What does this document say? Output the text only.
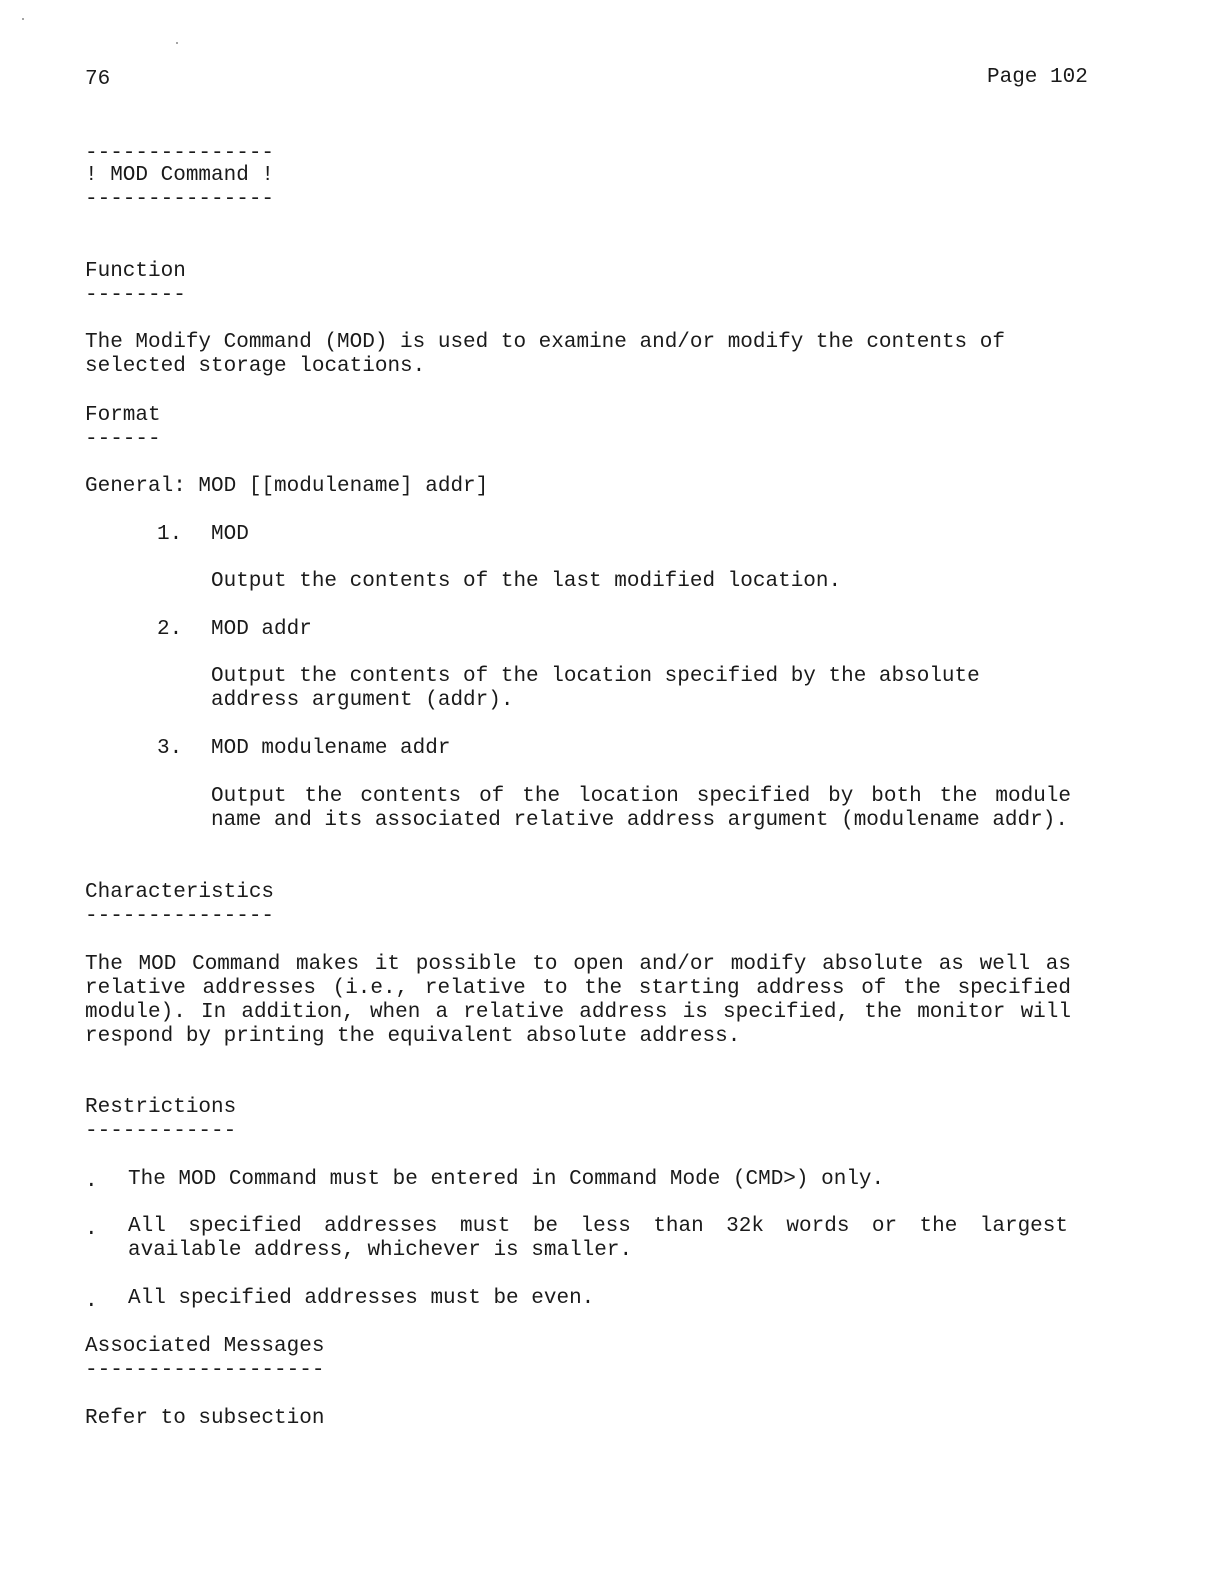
76	Page 102
---------------
! MOD Command !
---------------
Function
--------
The Modify Command (MOD) is used to examine and/or modify the contents of selected storage locations.
Format
------
General: MOD [[modulename] addr]
1. MOD
Output the contents of the last modified location.
2. MOD addr
Output the contents of the location specified by the absolute address argument (addr).
3. MOD modulename addr
Output the contents of the location specified by both the module name and its associated relative address argument (modulename addr).
Characteristics
---------------
The MOD Command makes it possible to open and/or modify absolute as well as relative addresses (i.e., relative to the starting address of the specified module). In addition, when a relative address is specified, the monitor will respond by printing the equivalent absolute address.
Restrictions
------------
. The MOD Command must be entered in Command Mode (CMD>) only.
. All specified addresses must be less than 32k words or the largest available address, whichever is smaller.
. All specified addresses must be even.
Associated Messages
-------------------
Refer to subsection
